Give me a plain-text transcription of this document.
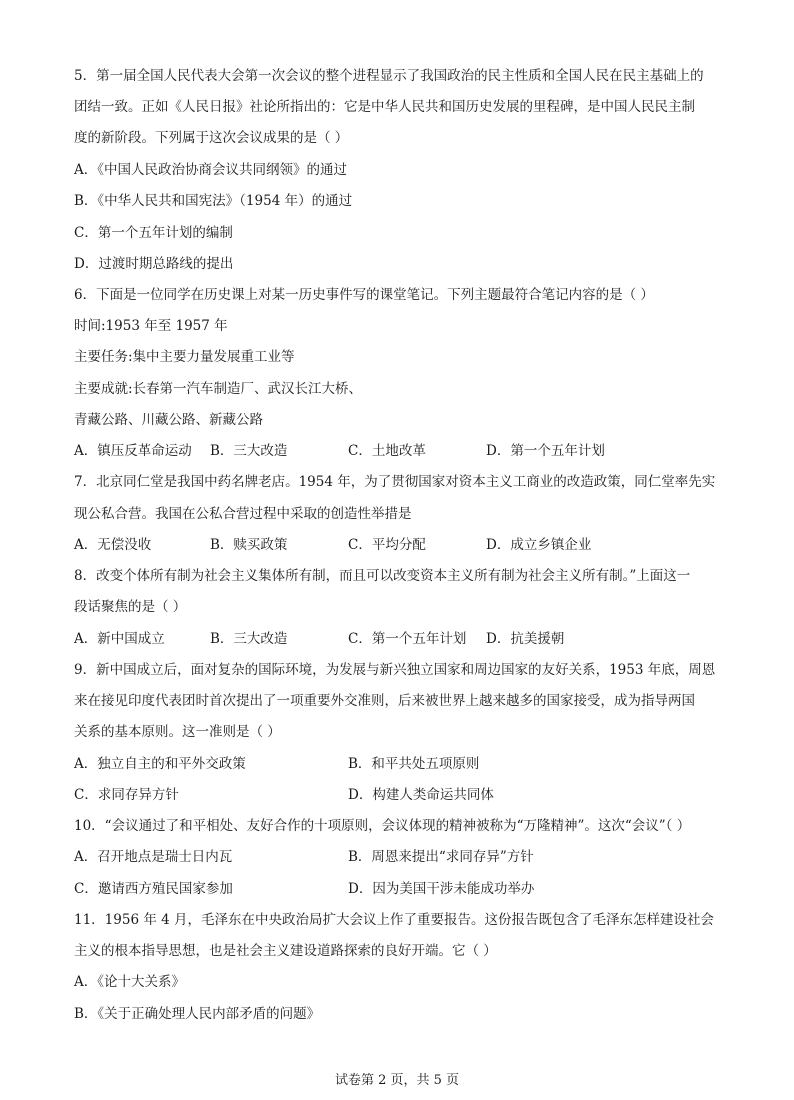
5．第一届全国人民代表大会第一次会议的整个进程显示了我国政治的民主性质和全国人民在民主基础上的
团结一致。正如《人民日报》社论所指出的：它是中华人民共和国历史发展的里程碑，是中国人民民主制
度的新阶段。下列属于这次会议成果的是（ ）
A．《中国人民政治协商会议共同纲领》的通过
B．《中华人民共和国宪法》（1954 年）的通过
C．第一个五年计划的编制
D．过渡时期总路线的提出
6．下面是一位同学在历史课上对某一历史事件写的课堂笔记。下列主题最符合笔记内容的是（ ）
时间:1953 年至 1957 年
主要任务:集中主要力量发展重工业等
主要成就:长春第一汽车制造厂、武汉长江大桥、
青藏公路、川藏公路、新藏公路
A．镇压反革命运动 B．三大改造	C．土地改革	D．第一个五年计划
7．北京同仁堂是我国中药名牌老店。1954 年，为了贯彻国家对资本主义工商业的改造政策，同仁堂率先实
现公私合营。我国在公私合营过程中采取的创造性举措是
A．无偿没收	B．赎买政策	C．平均分配	D．成立乡镇企业
8．改变个体所有制为社会主义集体所有制，而且可以改变资本主义所有制为社会主义所有制。”上面这一
段话聚焦的是（ ）
A．新中国成立	B．三大改造	C．第一个五年计划 D．抗美援朝
9．新中国成立后，面对复杂的国际环境，为发展与新兴独立国家和周边国家的友好关系，1953 年底，周恩
来在接见印度代表团时首次提出了一项重要外交准则，后来被世界上越来越多的国家接受，成为指导两国
关系的基本原则。这一准则是（ ）
A．独立自主的和平外交政策	B．和平共处五项原则
C．求同存异方针	D．构建人类命运共同体
10．“会议通过了和平相处、友好合作的十项原则，会议体现的精神被称为“万隆精神”。这次“会议”（ ）
A．召开地点是瑞士日内瓦	B．周恩来提出“求同存异”方针
C．邀请西方殖民国家参加	D．因为美国干涉未能成功举办
11．1956 年 4 月，毛泽东在中央政治局扩大会议上作了重要报告。这份报告既包含了毛泽东怎样建设社会
主义的根本指导思想，也是社会主义建设道路探索的良好开端。它（ ）
A．《论十大关系》
B．《关于正确处理人民内部矛盾的问题》
试卷第 2 页，共 5 页
